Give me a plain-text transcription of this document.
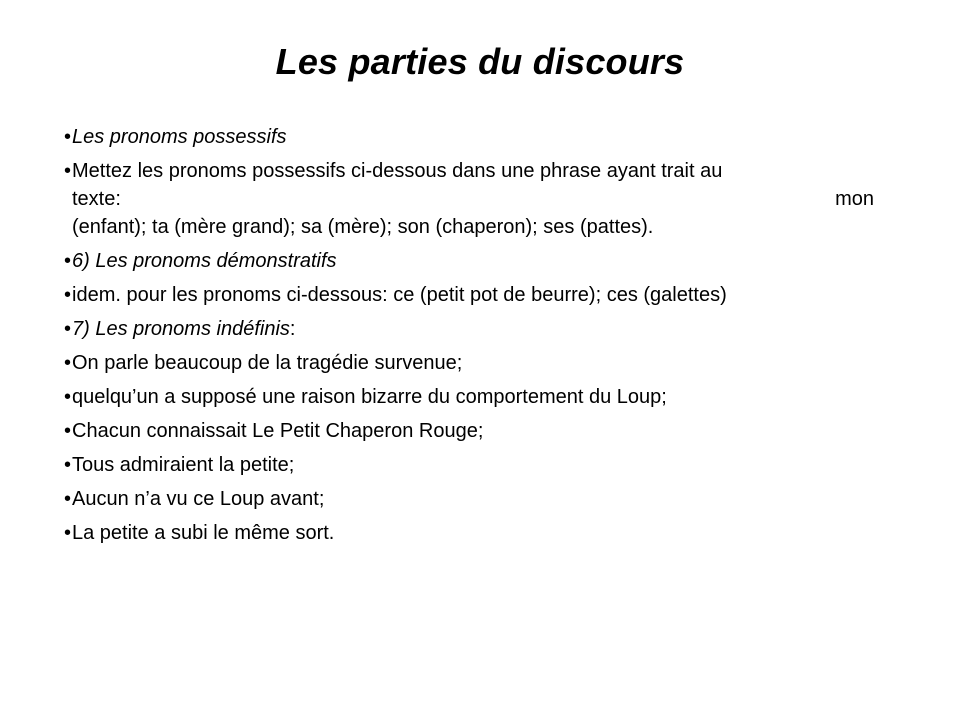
Les parties du discours
• Les pronoms possessifs
• Mettez les pronoms possessifs ci-dessous dans une phrase ayant trait au
texte:	mon
(enfant); ta (mère grand); sa (mère); son (chaperon); ses (pattes).
• 6) Les pronoms démonstratifs
• idem. pour les pronoms ci-dessous: ce (petit pot de beurre); ces (galettes)
• 7) Les pronoms indéfinis:
• On parle beaucoup de la tragédie survenue;
• quelqu’un a supposé une raison bizarre du comportement du Loup;
• Chacun connaissait Le Petit Chaperon Rouge;
• Tous admiraient la petite;
• Aucun n’a vu ce Loup avant;
• La petite a subi le même sort.
